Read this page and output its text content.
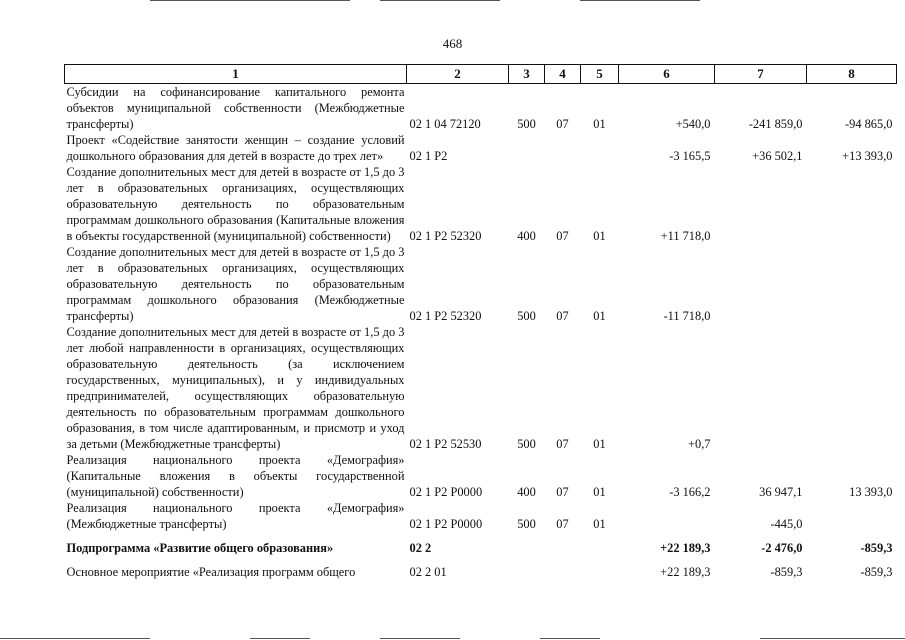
468
1	2	3	4	5	6	7	8
Субсидии на софинансирование капитального ремонта объектов муниципальной собственности (Межбюджетные трансферты)	02 1 04 72120	500	07	01	+540,0	-241 859,0	-94 865,0
Проект «Содействие занятости женщин – создание условий дошкольного образования для детей в возрасте до трех лет»	02 1 P2				-3 165,5	+36 502,1	+13 393,0
Создание дополнительных мест для детей в возрасте от 1,5 до 3 лет в образовательных организациях, осуществляющих образовательную деятельность по образовательным программам дошкольного образования (Капитальные вложения в объекты государственной (муниципальной) собственности)	02 1 P2 52320	400	07	01	+11 718,0		
Создание дополнительных мест для детей в возрасте от 1,5 до 3 лет в образовательных организациях, осуществляющих образовательную деятельность по образовательным программам дошкольного образования (Межбюджетные трансферты)	02 1 P2 52320	500	07	01	-11 718,0		
Создание дополнительных мест для детей в возрасте от 1,5 до 3 лет любой направленности в организациях, осуществляющих образовательную деятельность (за исключением государственных, муниципальных), и у индивидуальных предпринимателей, осуществляющих образовательную деятельность по образовательным программам дошкольного образования, в том числе адаптированным, и присмотр и уход за детьми (Межбюджетные трансферты)	02 1 P2 52530	500	07	01	+0,7		
Реализация национального проекта «Демография» (Капитальные вложения в объекты государственной (муниципальной) собственности)	02 1 P2 P0000	400	07	01	-3 166,2	36 947,1	13 393,0
Реализация национального проекта «Демография» (Межбюджетные трансферты)	02 1 P2 P0000	500	07	01		-445,0	
Подпрограмма «Развитие общего образования»	02 2				+22 189,3	-2 476,0	-859,3
Основное мероприятие «Реализация программ общего	02 2 01				+22 189,3	-859,3	-859,3
